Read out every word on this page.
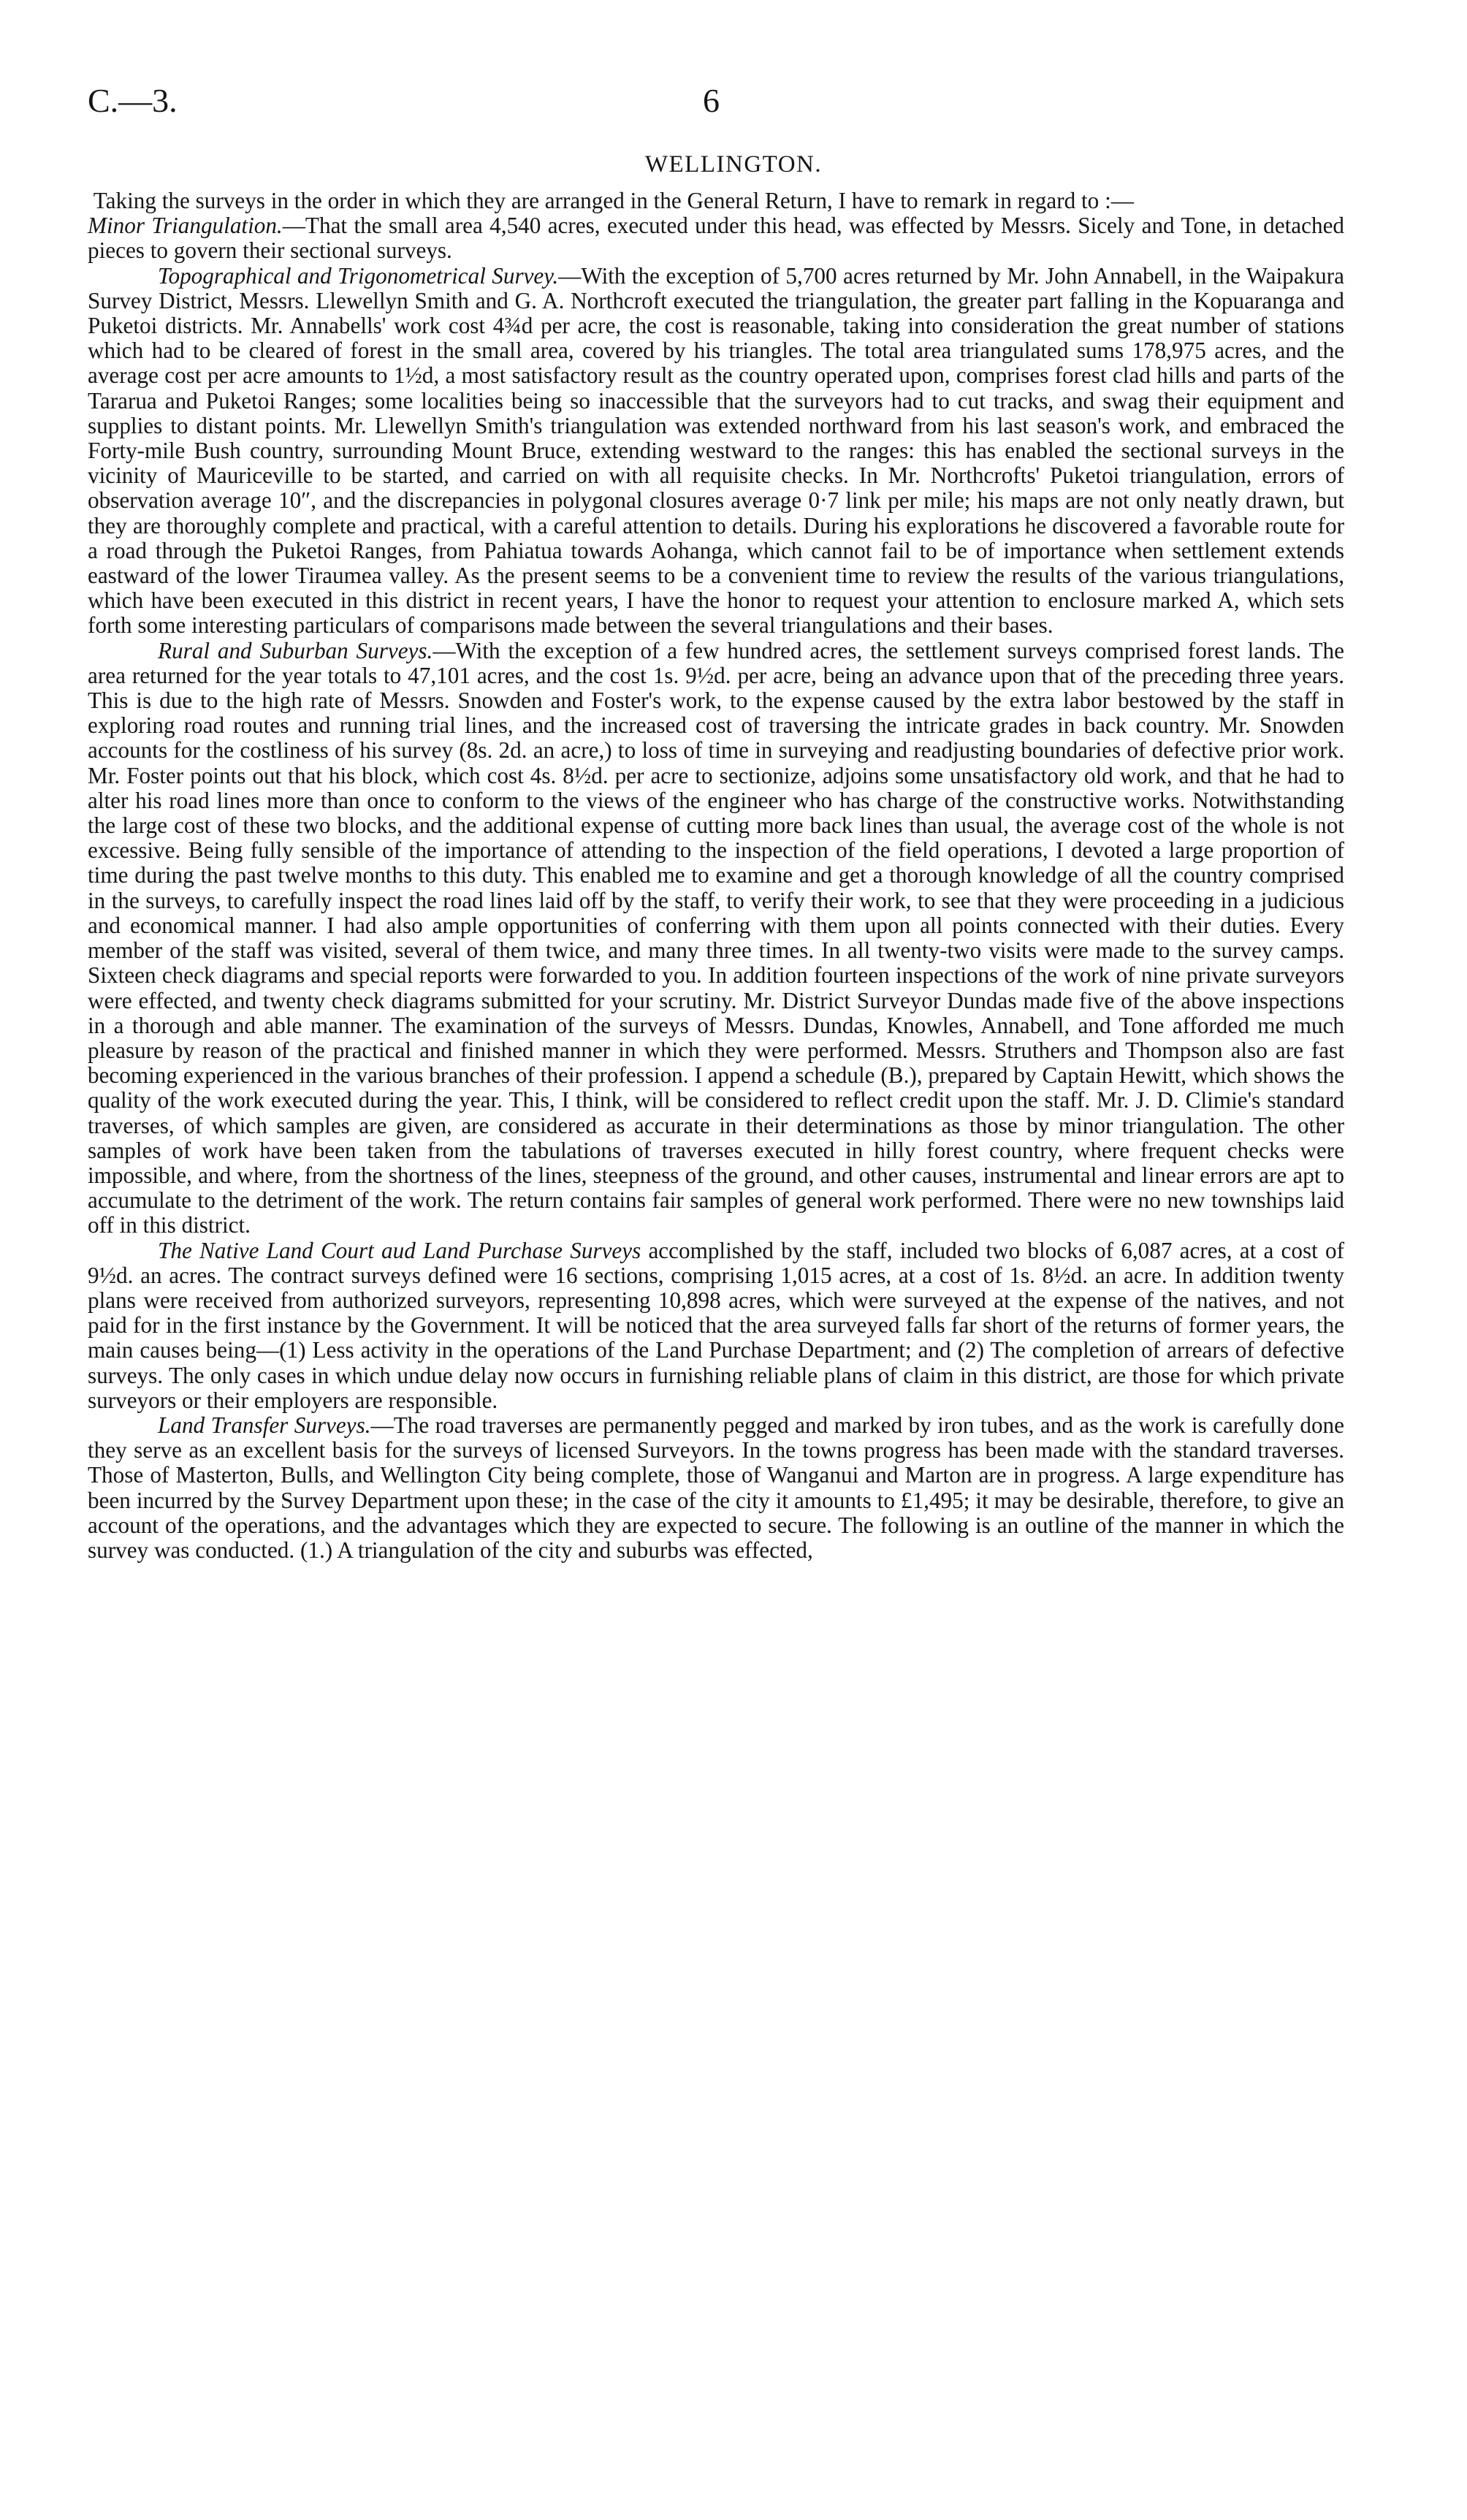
C.—3.	6
WELLINGTON.

Taking the surveys in the order in which they are arranged in the General Return, I have to remark in regard to :—

Minor Triangulation.—That the small area 4,540 acres, executed under this head, was effected by Messrs. Sicely and Tone, in detached pieces to govern their sectional surveys.

Topographical and Trigonometrical Survey.—With the exception of 5,700 acres returned by Mr. John Annabell, in the Waipakura Survey District, Messrs. Llewellyn Smith and G. A. Northcroft executed the triangulation, the greater part falling in the Kopuaranga and Puketoi districts. Mr. Annabells' work cost 4¾d per acre, the cost is reasonable, taking into consideration the great number of stations which had to be cleared of forest in the small area, covered by his triangles. The total area triangulated sums 178,975 acres, and the average cost per acre amounts to 1½d, a most satisfactory result as the country operated upon, comprises forest clad hills and parts of the Tararua and Puketoi Ranges; some localities being so inaccessible that the surveyors had to cut tracks, and swag their equipment and supplies to distant points. Mr. Llewellyn Smith's triangulation was extended northward from his last season's work, and embraced the Forty-mile Bush country, surrounding Mount Bruce, extending westward to the ranges: this has enabled the sectional surveys in the vicinity of Mauriceville to be started, and carried on with all requisite checks. In Mr. Northcrofts' Puketoi triangulation, errors of observation average 10″, and the discrepancies in polygonal closures average 0·7 link per mile; his maps are not only neatly drawn, but they are thoroughly complete and practical, with a careful attention to details. During his explorations he discovered a favorable route for a road through the Puketoi Ranges, from Pahiatua towards Aohanga, which cannot fail to be of importance when settlement extends eastward of the lower Tiraumea valley. As the present seems to be a convenient time to review the results of the various triangulations, which have been executed in this district in recent years, I have the honor to request your attention to enclosure marked A, which sets forth some interesting particulars of comparisons made between the several triangulations and their bases.

Rural and Suburban Surveys.—With the exception of a few hundred acres, the settlement surveys comprised forest lands. The area returned for the year totals to 47,101 acres, and the cost 1s. 9½d. per acre, being an advance upon that of the preceding three years. This is due to the high rate of Messrs. Snowden and Foster's work, to the expense caused by the extra labor bestowed by the staff in exploring road routes and running trial lines, and the increased cost of traversing the intricate grades in back country. Mr. Snowden accounts for the costliness of his survey (8s. 2d. an acre,) to loss of time in surveying and readjusting boundaries of defective prior work. Mr. Foster points out that his block, which cost 4s. 8½d. per acre to sectionize, adjoins some unsatisfactory old work, and that he had to alter his road lines more than once to conform to the views of the engineer who has charge of the constructive works. Notwithstanding the large cost of these two blocks, and the additional expense of cutting more back lines than usual, the average cost of the whole is not excessive. Being fully sensible of the importance of attending to the inspection of the field operations, I devoted a large proportion of time during the past twelve months to this duty. This enabled me to examine and get a thorough knowledge of all the country comprised in the surveys, to carefully inspect the road lines laid off by the staff, to verify their work, to see that they were proceeding in a judicious and economical manner. I had also ample opportunities of conferring with them upon all points connected with their duties. Every member of the staff was visited, several of them twice, and many three times. In all twenty-two visits were made to the survey camps. Sixteen check diagrams and special reports were forwarded to you. In addition fourteen inspections of the work of nine private surveyors were effected, and twenty check diagrams submitted for your scrutiny. Mr. District Surveyor Dundas made five of the above inspections in a thorough and able manner. The examination of the surveys of Messrs. Dundas, Knowles, Annabell, and Tone afforded me much pleasure by reason of the practical and finished manner in which they were performed. Messrs. Struthers and Thompson also are fast becoming experienced in the various branches of their profession. I append a schedule (B.), prepared by Captain Hewitt, which shows the quality of the work executed during the year. This, I think, will be considered to reflect credit upon the staff. Mr. J. D. Climie's standard traverses, of which samples are given, are considered as accurate in their determinations as those by minor triangulation. The other samples of work have been taken from the tabulations of traverses executed in hilly forest country, where frequent checks were impossible, and where, from the shortness of the lines, steepness of the ground, and other causes, instrumental and linear errors are apt to accumulate to the detriment of the work. The return contains fair samples of general work performed. There were no new townships laid off in this district.

The Native Land Court aud Land Purchase Surveys accomplished by the staff, included two blocks of 6,087 acres, at a cost of 9½d. an acres. The contract surveys defined were 16 sections, comprising 1,015 acres, at a cost of 1s. 8½d. an acre. In addition twenty plans were received from authorized surveyors, representing 10,898 acres, which were surveyed at the expense of the natives, and not paid for in the first instance by the Government. It will be noticed that the area surveyed falls far short of the returns of former years, the main causes being—(1) Less activity in the operations of the Land Purchase Department; and (2) The completion of arrears of defective surveys. The only cases in which undue delay now occurs in furnishing reliable plans of claim in this district, are those for which private surveyors or their employers are responsible.

Land Transfer Surveys.—The road traverses are permanently pegged and marked by iron tubes, and as the work is carefully done they serve as an excellent basis for the surveys of licensed Surveyors. In the towns progress has been made with the standard traverses. Those of Masterton, Bulls, and Wellington City being complete, those of Wanganui and Marton are in progress. A large expenditure has been incurred by the Survey Department upon these; in the case of the city it amounts to £1,495; it may be desirable, therefore, to give an account of the operations, and the advantages which they are expected to secure. The following is an outline of the manner in which the survey was conducted. (1.) A triangulation of the city and suburbs was effected,
